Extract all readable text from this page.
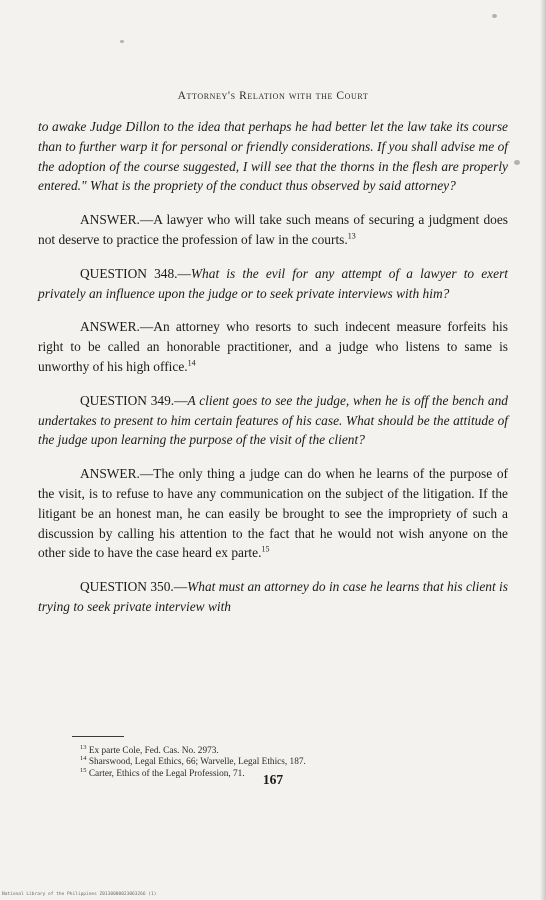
Attorney's Relation with the Court

to awake Judge Dillon to the idea that perhaps he had better let the law take its course than to further warp it for personal or friendly considerations. If you shall advise me of the adoption of the course suggested, I will see that the thorns in the flesh are properly entered." What is the propriety of the conduct thus observed by said attorney?

ANSWER.—A lawyer who will take such means of securing a judgment does not deserve to practice the profession of law in the courts.$^{13}$

QUESTION 348.—What is the evil for any attempt of a lawyer to exert privately an influence upon the judge or to seek private interviews with him?

ANSWER.—An attorney who resorts to such indecent measure forfeits his right to be called an honorable practitioner, and a judge who listens to same is unworthy of his high office.$^{14}$

QUESTION 349.—A client goes to see the judge, when he is off the bench and undertakes to present to him certain features of his case. What should be the attitude of the judge upon learning the purpose of the visit of the client?

ANSWER.—The only thing a judge can do when he learns of the purpose of the visit, is to refuse to have any communication on the subject of the litigation. If the litigant be an honest man, he can easily be brought to see the impropriety of such a discussion by calling his attention to the fact that he would not wish anyone on the other side to have the case heard ex parte.$^{15}$

QUESTION 350.—What must an attorney do in case he learns that his client is trying to seek private interview with

$^{13}$ Ex parte Cole, Fed. Cas. No. 2973.
$^{14}$ Sharswood, Legal Ethics, 66; Warvelle, Legal Ethics, 187.
$^{15}$ Carter, Ethics of the Legal Profession, 71.	167
National Library of the Philippines Z0130000023063266 (1)
